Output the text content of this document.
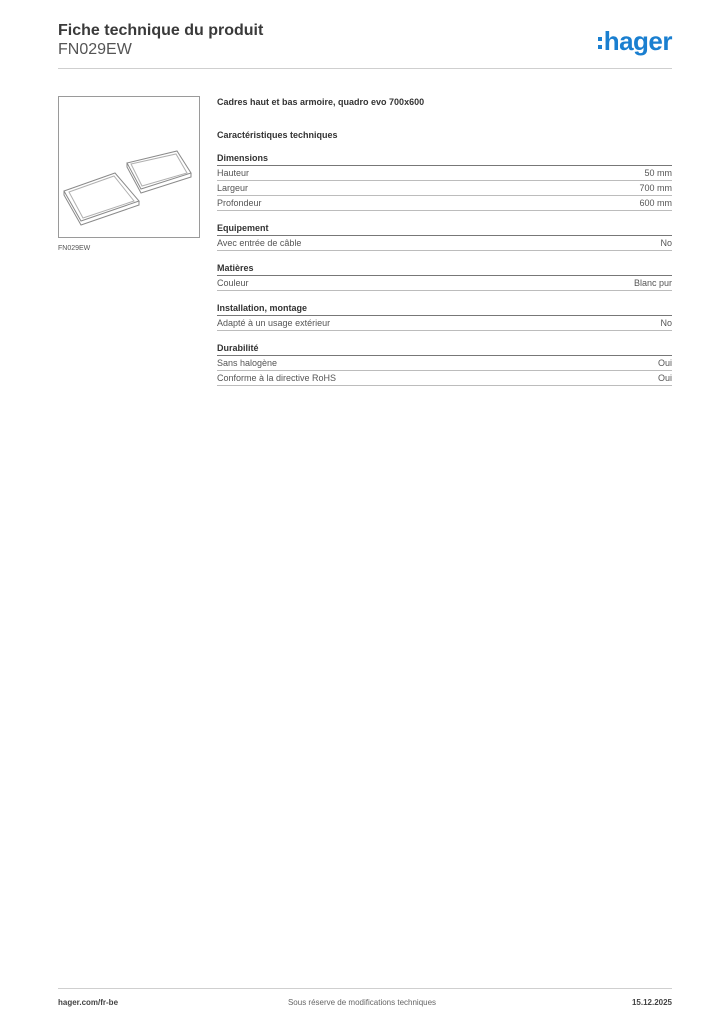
Fiche technique du produit
FN029EW	hager
FN029EW
Cadres haut et bas armoire, quadro evo 700x600
Caractéristiques techniques
Dimensions
Hauteur	50 mm
Largeur	700 mm
Profondeur	600 mm
Equipement
Avec entrée de câble	No
Matières
Couleur	Blanc pur
Installation, montage
Adapté à un usage extérieur	No
Durabilité
Sans halogène	Oui
Conforme à la directive RoHS	Oui
hager.com/fr-be	Sous réserve de modifications techniques	15.12.2025
